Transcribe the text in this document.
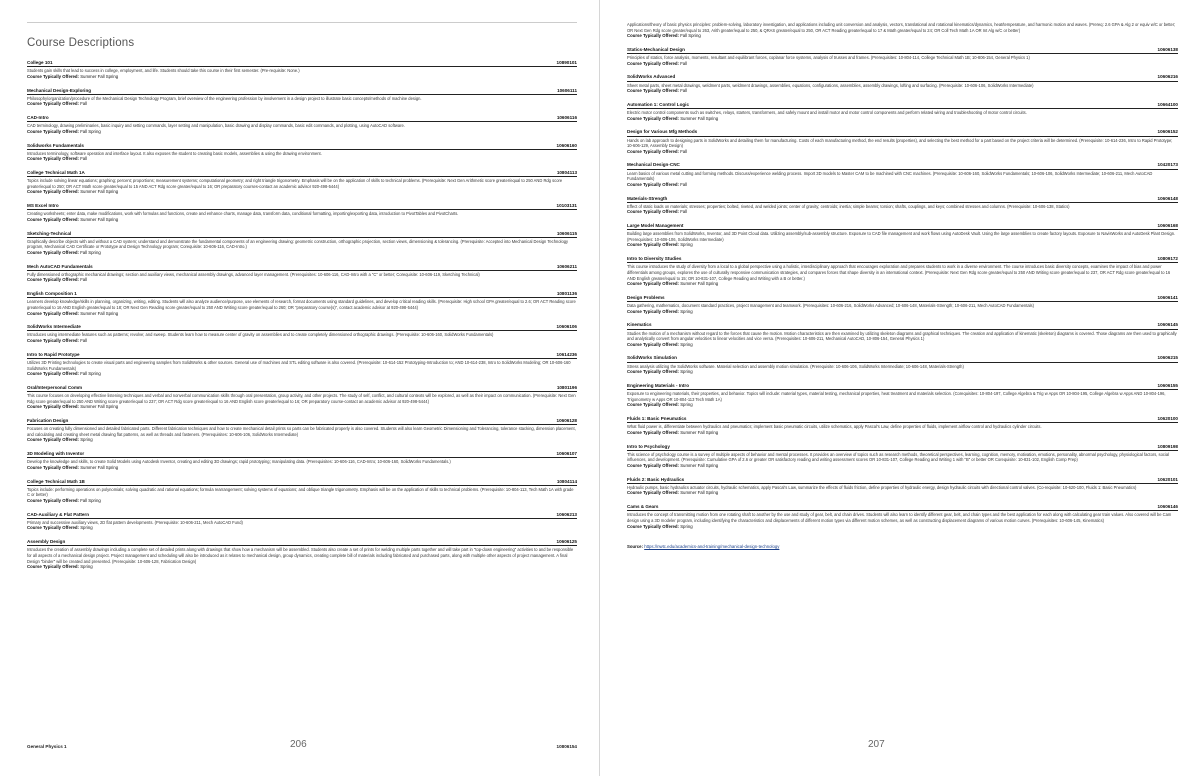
Course Descriptions
College 101	10890101
Students gain skills that lead to success in college, employment, and life. Students should take this course in their first semester. (Pre-requisite: None.)
Course Typically Offered: Summer Fall Spring
Mechanical Design-Exploring	10606111
Philosophy/organization/procedure of the Mechanical Design Technology Program, brief overview of the engineering profession by involvement in a design project to illustrate basic concepts/methods of machine design.
Course Typically Offered: Fall
CAD-Intro	10606116
CAD terminology, drawing preliminaries, basic inquiry and setting commands, layer setting and manipulation, basic drawing and display commands, basic edit commands, and plotting, using AutoCAD software.
Course Typically Offered: Fall Spring
Solidworks Fundamentals	10606160
Introduces terminology, software operation and interface layout. It also exposes the student to creating basic models, assemblies & using the drawing environment.
Course Typically Offered: Fall
College Technical Math 1A	10804113
Topics include solving linear equations; graphing; percent; proportions; measurement systems; computational geometry; and right triangle trigonometry. Emphasis will be on the application of skills to technical problems. (Prerequisite: Next Gen Arithmetic score greater/equal to 250 AND Rdg score greater/equal to 250; OR ACT Math score greater/equal to 15 AND ACT Rdg score greater/equal to 16; OR preparatory courses-contact an academic advisor 920-498-5444)
Course Typically Offered: Summer Fall Spring
MS Excel Intro	10103131
Creating worksheets; enter data, make modifications, work with formulas and functions, create and enhance charts, manage data, transform data, conditional formatting, importing/exporting data, introduction to PivotTables and PivotCharts.
Course Typically Offered: Summer Fall Spring
Sketching-Technical	10606115
Graphically describe objects with and without a CAD system; understand and demonstrate the fundamental components of an engineering drawing: geometric construction, orthographic projection, section views, dimensioning & tolerancing. (Prerequisite: Accepted into Mechanical Design Technology program, Mechanical CAD Certificate or Prototype and Design Technology program; Corequisite: 10-606-116, CAD-Intro.)
Course Typically Offered: Fall Spring
Mech AutoCAD Fundamentals	10606211
Fully dimensioned orthographic mechanical drawings; section and auxiliary views, mechanical assembly drawings, advanced layer management. (Prerequisites: 10-606-116, CAD-Intro with a "C" or better; Corequisite: 10-606-119, Sketching Technical)
Course Typically Offered: Fall
English Composition 1	10801136
Learners develop knowledge/skills in planning, organizing, writing, editing. Students will also analyze audience/purpose, use elements of research, format documents using standard guidelines, and develop critical reading skills. (Prerequisite: High school GPA greater/equal to 2.6; OR ACT Reading score greater/equal to 16 AND English greater/equal to 18; OR Next Gen Reading score greater/equal to 250 AND Writing score greater/equal to 260; OR "preparatory course(s)", contact academic advisor at 920-498-5444)
Course Typically Offered: Summer Fall Spring
SolidWorks Intermediate	10606106
Introduces using intermediate features such as patterns; revolve; and sweep. Students learn how to measure center of gravity on assemblies and to create completely dimensioned orthographic drawings. (Prerequisite: 10-606-160, SolidWorks Fundamentals)
Course Typically Offered: Fall
Intro to Rapid Prototype	10614236
Utilizes 3D Printing technologies to create visual parts and engineering samples from SolidWorks & other sources. General use of machines and STL editing software is also covered. (Prerequisite: 10-614-152 Prototyping-Introduction to; AND 10-614-238, Intro to SolidWorks Modeling; OR 10-606-160 SolidWorks Fundamentals)
Course Typically Offered: Fall Spring
Oral/Interpersonal Comm	10801196
This course focuses on developing effective listening techniques and verbal and nonverbal communication skills through oral presentation, group activity, and other projects. The study of self, conflict, and cultural contexts will be explored, as well as their impact on communication. (Prerequisite: Next Gen Rdg score greater/equal to 250 AND Writing score greater/equal to 237; OR ACT Rdg score greater/equal to 16 AND English score greater/equal to 16; OR preparatory course-contact an academic advisor at 920-498-5444)
Course Typically Offered: Summer Fall Spring
Fabrication Design	10606128
Focuses on creating fully dimensioned and detailed fabricated parts. Different fabrication techniques and how to create mechanical detail prints so parts can be fabricated properly is also covered. Students will also learn Geometric Dimensioning and Tolerancing, tolerance stacking, dimension placement, and calculating and creating sheet metal drawing flat patterns, as well as threads and fasteners. (Prerequisites: 10-606-106, SolidWorks Intermediate)
Course Typically Offered: Spring
3D Modeling with Inventor	10606107
Develop the knowledge and skills, to create Solid Models using Autodesk Inventor, creating and editing 3D drawings; rapid prototyping; manipulating data. (Prerequisites: 10-606-116, CAD-Intro; 10-606-160, SolidWorks Fundamentals.)
Course Typically Offered: Summer Fall Spring
College Technical Math 1B	10804114
Topics include: performing operations on polynomials; solving quadratic and rational equations; formula rearrangement; solving systems of equations; and oblique triangle trigonometry. Emphasis will be on the application of skills to technical problems. (Prerequisite: 10-804-113, Tech Math 1A with grade C or better)
Course Typically Offered: Fall Spring
CAD-Auxiliary & Flat Pattern	10606213
Primary and successive auxiliary views, 2D flat pattern developments. (Prerequisite: 10-606-211, Mech AutoCAD Fund)
Course Typically Offered: Spring
Assembly Design	10606125
Introduces the creation of assembly drawings including a complete set of detailed prints along with drawings that show how a mechanism will be assembled. Students also create a set of prints for welding multiple parts together and will take part in "top-down engineering" activities to and be responsible for all aspects of a mechanical design project. Project management and scheduling will also be introduced as it relates to mechanical design, group dynamics, creating complete bill of materials including fabricated and purchased parts, along with multiple other aspects of project management. A final Design "binder" will be created and presented. (Prerequisite: 10-606-128, Fabrication Design)
Course Typically Offered: Spring
General Physics 1	10806154
206
Applications/theory of basic physics principles: problem-solving, laboratory investigation, and applications including unit conversion and analysis, vectors, translational and rotational kinematics/dynamics, heat/temperature, and harmonic motion and waves. (Prereq: 2.6 GPA & Alg 2 or equiv w/C or better; OR Next Gen Rdg score greater/equal to 263, Arith greater/equal to 250, & QRAS greater/equal to 250, OR ACT Reading greater/equal to 17 & Math greater/equal to 24; OR Coll Tech Math 1A OR Int Alg w/C or better)
Course Typically Offered: Fall Spring
Statics-Mechanical Design	10606138
Principles of statics, force analysis, moments, resultant and equilibrant forces, coplanar force systems, analysis of trusses and frames. (Prerequisites: 10-804-114, College Technical Math 1B; 10-806-154, General Physics 1)
Course Typically Offered: Fall
SolidWorks Advanced	10606216
Sheet metal parts, sheet metal drawings, weldment parts, weldment drawings, assemblies, equations, configurations, assemblies, assembly drawings, lofting and surfacing. (Prerequisite: 10-606-106, SolidWorks Intermediate)
Course Typically Offered: Fall
Automation 1: Control Logic	10664100
Electric motor control components such as switches, relays, starters, transformers, and safely mount and install motor and motor control components and perform related wiring and troubleshooting of motor control circuits.
Course Typically Offered: Summer Fall Spring
Design for Various Mfg Methods	10606152
Hands on lab approach to designing parts in SolidWorks and detailing them for manufacturing. Costs of each manufacturing method, the end results (properties), and selecting the best method for a part based on the project criteria will be determined. (Prerequisite: 10-614-236, Intro to Rapid Prototype; 10-606-129, Assembly Design)
Course Typically Offered: Fall
Mechanical Design-CNC	10420173
Learn basics of various metal cutting and forming methods. Discuss/experience welding process. Import 3D models to Master CAM to be machined with CNC machines. (Prerequisite: 10-606-160, SolidWorks Fundamentals; 10-606-106, SolidWorks Intermediate; 10-606-211, Mech AutoCAD Fundamentals)
Course Typically Offered: Fall
Materials-Strength	10606148
Effect of static loads on materials; stresses; properties; bolted, riveted, and welded joints; center of gravity; centroids; inertia; simple beams; torsion; shafts, couplings, and keys; combined stresses and columns. (Prerequisite: 10-606-138, Statics)
Course Typically Offered: Fall
Large Model Management	10606168
Building large assemblies from SolidWorks, Inventor, and 3D Point Cloud data. Utilizing assembly/sub-assembly structure. Exposure to CAD file management and work flows using AutoDesk Vault. Using the large assemblies to create factory layouts. Exposure to NavisWorks and AutoDesk Plant Design. (Prerequisites: 10-606-106, SolidWorks Intermediate)
Course Typically Offered: Spring
Intro to Diversity Studies	10809172
This course introduces the study of diversity from a local to a global perspective using a holistic, interdisciplinary approach that encourages exploration and prepares students to work in a diverse environment. The course introduces basic diversity concepts, examines the impact of bias and power differentials among groups, explores the use of culturally responsive communication strategies, and compares forces that shape diversity in an international context. (Prerequisite: Next Gen Rdg score greater/equal to 250 AND Writing score greater/equal to 237, OR ACT Rdg score greater/equal to 16 AND English greater/equal to 15; OR 10-831-107, College Reading and Writing with a B or better.)
Course Typically Offered: Summer Fall Spring
Design Problems	10606141
Data gathering, mathematics, document standard practices, project management and teamwork. (Prerequisites: 10-606-216, SolidWorks Advanced; 10-606-148, Materials-Strength; 10-606-211, Mech AutoCAD Fundamentals)
Course Typically Offered: Spring
Kinematics	10606145
Studies the motion of a mechanism without regard to the forces that cause the motion. Motion characteristics are then examined by utilizing skeleton diagrams and graphical techniques. The creation and application of kinematic (skeleton) diagrams is covered. Those diagrams are then used to graphically and analytically convert from angular velocities to linear velocities and vice versa. (Prerequisites: 10-606-211, Mechanical AutoCAD, 10-806-154, General Physics 1)
Course Typically Offered: Spring
SolidWorks Simulation	10606215
Stress analysis utilizing the SolidWorks software. Material selection and assembly motion simulation. (Prerequisite: 10-606-106, SolidWorks Intermediate; 10-606-148, Materials-Strength)
Course Typically Offered: Spring
Engineering Materials - Intro	10606155
Exposure to engineering materials, their properties, and behavior. Topics will include: material types, material testing, mechanical properties, heat treatment and materials selection. (Corequisites: 10-804-197, College Algebra & Trig w Apps OR 10-804-195, College Algebra w Apps AND 10-804-196, Trigonometry w Apps OR 10-804-113 Tech Math 1A)
Course Typically Offered: Spring
Fluids 1: Basic Pneumatics	10620100
What fluid power is, differentiate between hydraulics and pneumatics; implement basic pneumatic circuits, utilize schematics, apply Pascal's Law, define properties of fluids, implement airflow control and hydraulics cylinder circuits.
Course Typically Offered: Summer Fall Spring
Intro to Psychology	10809198
This science of psychology course is a survey of multiple aspects of behavior and mental processes. It provides an overview of topics such as research methods, theoretical perspectives, learning, cognition, memory, motivation, emotions, personality, abnormal psychology, physiological factors, social influences, and development. (Prerequisite: Cumulative GPA of 2.6 or greater OR satisfactory reading and writing assessment scores OR 10-831-107, College Reading and Writing 1 with "B" or better OR Corequisite: 10-831-102, English Comp Prep)
Course Typically Offered: Summer Fall Spring
Fluids 2: Basic Hydraulics	10620101
Hydraulic pumps, basic hydraulics actuator circuits, hydraulic schematics, apply Pascal's Law, summarize the effects of fluids friction, define properties of hydraulic energy, design hydraulic circuits with directional control valves. (Co-requisite: 10-620-100, Fluids 1: Basic Pneumatics)
Course Typically Offered: Summer Fall Spring
Cams & Gears	10606146
Introduces the concept of transmitting motion from one rotating shaft to another by the use and study of gear, belt, and chain drives. Students will also learn to identify different gear, belt, and chain types and the best application for each along with calculating gear train values. Also covered will be Cam design using a 3D modeler program, including identifying the characteristics and displacements of different motion types via different motion schemes, as well as constructing displacement diagrams of various motion curves. (Prerequisites: 10-606-145, Kinematics)
Course Typically Offered: Spring
Source: https://nwtc.edu/academics-and-training/mechanical-design-technology
207
